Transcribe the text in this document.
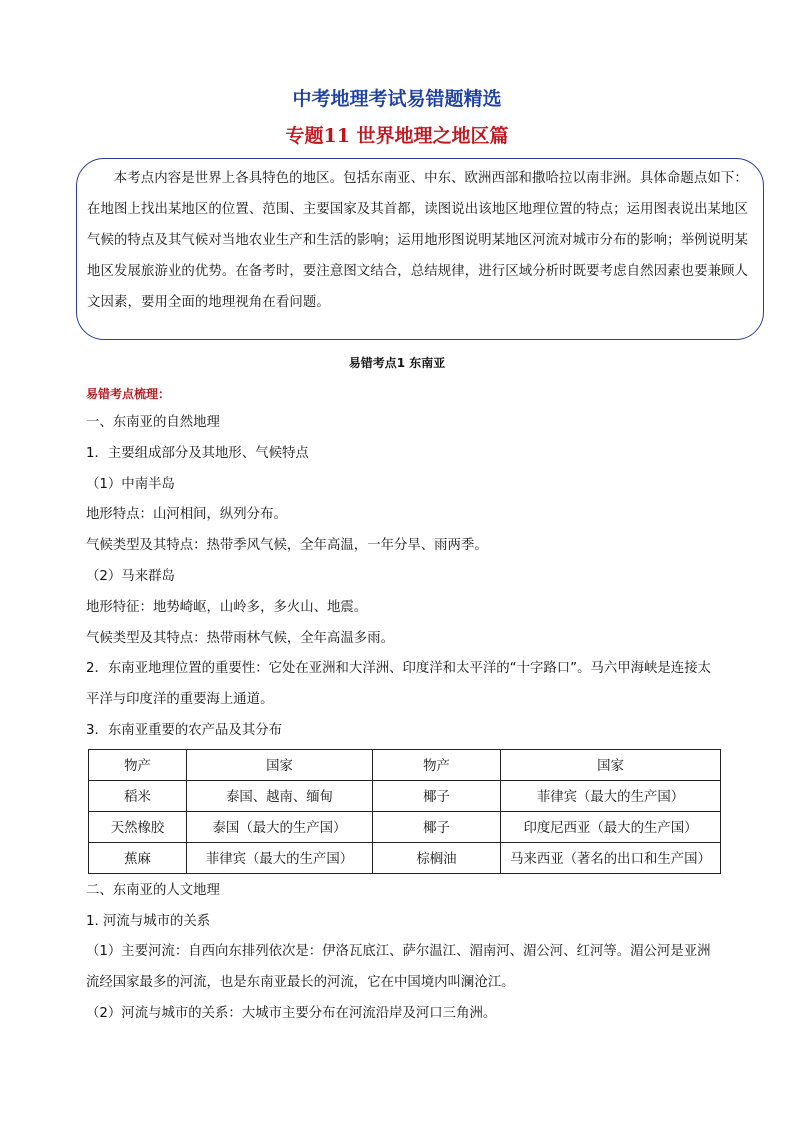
中考地理考试易错题精选
专题11 世界地理之地区篇

本考点内容是世界上各具特色的地区。包括东南亚、中东、欧洲西部和撒哈拉以南非洲。具体命题点如下：在地图上找出某地区的位置、范围、主要国家及其首都，读图说出该地区地理位置的特点；运用图表说出某地区气候的特点及其气候对当地农业生产和生活的影响；运用地形图说明某地区河流对城市分布的影响；举例说明某地区发展旅游业的优势。在备考时，要注意图文结合，总结规律，进行区域分析时既要考虑自然因素也要兼顾人文因素，要用全面的地理视角在看问题。

易错考点1 东南亚

易错考点梳理：

一、东南亚的自然地理

1．主要组成部分及其地形、气候特点

（1）中南半岛

地形特点：山河相间，纵列分布。

气候类型及其特点：热带季风气候，全年高温，一年分旱、雨两季。

（2）马来群岛

地形特征：地势崎岖，山岭多，多火山、地震。

气候类型及其特点：热带雨林气候，全年高温多雨。

2．东南亚地理位置的重要性：它处在亚洲和大洋洲、印度洋和太平洋的“十字路口”。马六甲海峡是连接太平洋与印度洋的重要海上通道。

3．东南亚重要的农产品及其分布

物产	国家	物产	国家
稻米	泰国、越南、缅甸	椰子	菲律宾（最大的生产国）
天然橡胶	泰国（最大的生产国）	椰子	印度尼西亚（最大的生产国）
蕉麻	菲律宾（最大的生产国）	棕榈油	马来西亚（著名的出口和生产国）

二、东南亚的人文地理

1. 河流与城市的关系

（1）主要河流：自西向东排列依次是：伊洛瓦底江、萨尔温江、湄南河、湄公河、红河等。湄公河是亚洲流经国家最多的河流，也是东南亚最长的河流，它在中国境内叫澜沧江。

（2）河流与城市的关系：大城市主要分布在河流沿岸及河口三角洲。
